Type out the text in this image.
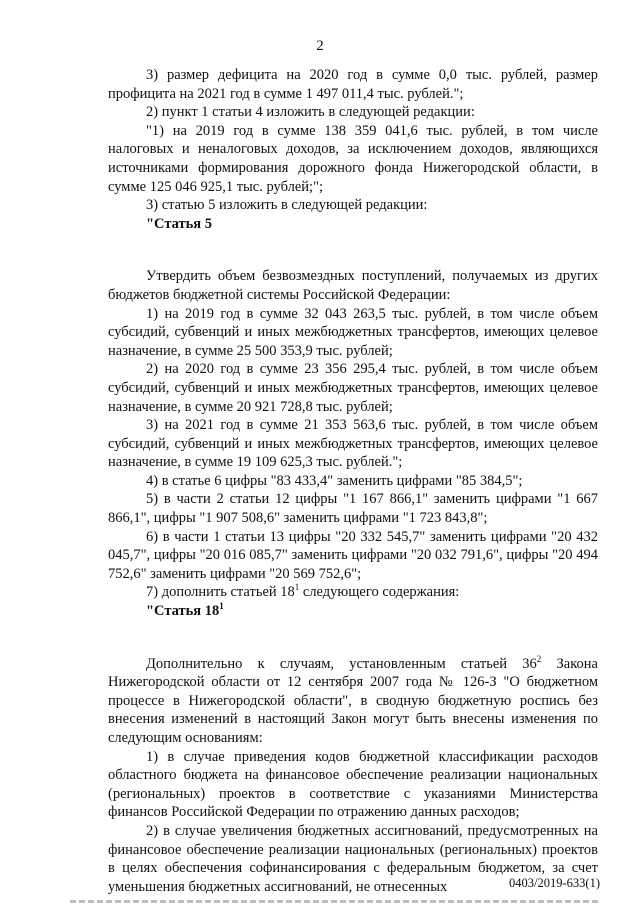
2

3) размер дефицита на 2020 год в сумме 0,0 тыс. рублей, размер профицита на 2021 год в сумме 1 497 011,4 тыс. рублей.";

2) пункт 1 статьи 4 изложить в следующей редакции:

"1) на 2019 год в сумме 138 359 041,6 тыс. рублей, в том числе налоговых и неналоговых доходов, за исключением доходов, являющихся источниками формирования дорожного фонда Нижегородской области, в сумме 125 046 925,1 тыс. рублей;";

3) статью 5 изложить в следующей редакции:

"Статья 5

Утвердить объем безвозмездных поступлений, получаемых из других бюджетов бюджетной системы Российской Федерации:

1) на 2019 год в сумме 32 043 263,5 тыс. рублей, в том числе объем субсидий, субвенций и иных межбюджетных трансфертов, имеющих целевое назначение, в сумме 25 500 353,9 тыс. рублей;

2) на 2020 год в сумме 23 356 295,4 тыс. рублей, в том числе объем субсидий, субвенций и иных межбюджетных трансфертов, имеющих целевое назначение, в сумме 20 921 728,8 тыс. рублей;

3) на 2021 год в сумме 21 353 563,6 тыс. рублей, в том числе объем субсидий, субвенций и иных межбюджетных трансфертов, имеющих целевое назначение, в сумме 19 109 625,3 тыс. рублей.";

4) в статье 6 цифры "83 433,4" заменить цифрами "85 384,5";

5) в части 2 статьи 12 цифры "1 167 866,1" заменить цифрами "1 667 866,1", цифры "1 907 508,6" заменить цифрами "1 723 843,8";

6) в части 1 статьи 13 цифры "20 332 545,7" заменить цифрами "20 432 045,7", цифры "20 016 085,7" заменить цифрами "20 032 791,6", цифры "20 494 752,6" заменить цифрами "20 569 752,6";

7) дополнить статьей $18^1$ следующего содержания:

"Статья $18^1$

Дополнительно к случаям, установленным статьей $36^2$ Закона Нижегородской области от 12 сентября 2007 года № 126-З "О бюджетном процессе в Нижегородской области", в сводную бюджетную роспись без внесения изменений в настоящий Закон могут быть внесены изменения по следующим основаниям:

1) в случае приведения кодов бюджетной классификации расходов областного бюджета на финансовое обеспечение реализации национальных (региональных) проектов в соответствие с указаниями Министерства финансов Российской Федерации по отражению данных расходов;

2) в случае увеличения бюджетных ассигнований, предусмотренных на финансовое обеспечение реализации национальных (региональных) проектов в целях обеспечения софинансирования с федеральным бюджетом, за счет уменьшения бюджетных ассигнований, не отнесенных	0403/2019-633(1)
